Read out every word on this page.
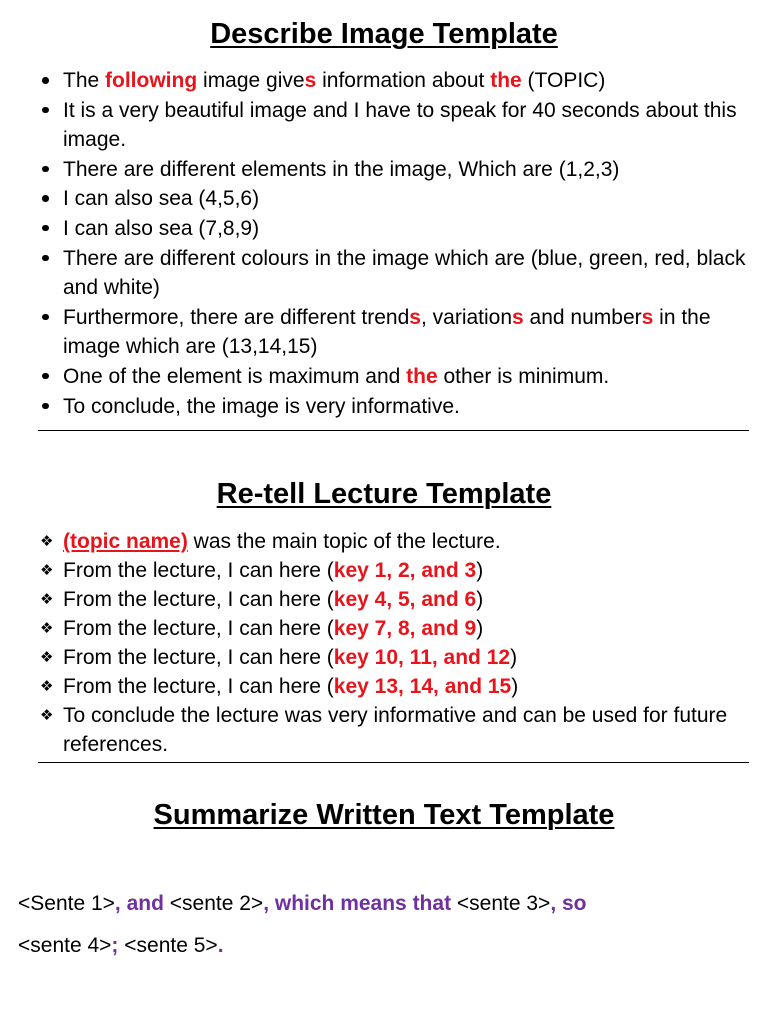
Describe Image Template
The following image gives information about the (TOPIC)
It is a very beautiful image and I have to speak for 40 seconds about this image.
There are different elements in the image, Which are (1,2,3)
I can also sea (4,5,6)
I can also sea (7,8,9)
There are different colours in the image which are (blue, green, red, black and white)
Furthermore, there are different trends, variations and numbers in the image which are (13,14,15)
One of the element is maximum and the other is minimum.
To conclude, the image is very informative.
Re-tell Lecture Template
❖ (topic name) was the main topic of the lecture.
❖ From the lecture, I can here (key 1, 2, and 3)
❖ From the lecture, I can here (key 4, 5, and 6)
❖ From the lecture, I can here (key 7, 8, and 9)
❖ From the lecture, I can here (key 10, 11, and 12)
❖ From the lecture, I can here (key 13, 14, and 15)
❖ To conclude the lecture was very informative and can be used for future references.
Summarize Written Text Template
<Sente 1>, and <sente 2>, which means that <sente 3>, so
<sente 4>; <sente 5>.
